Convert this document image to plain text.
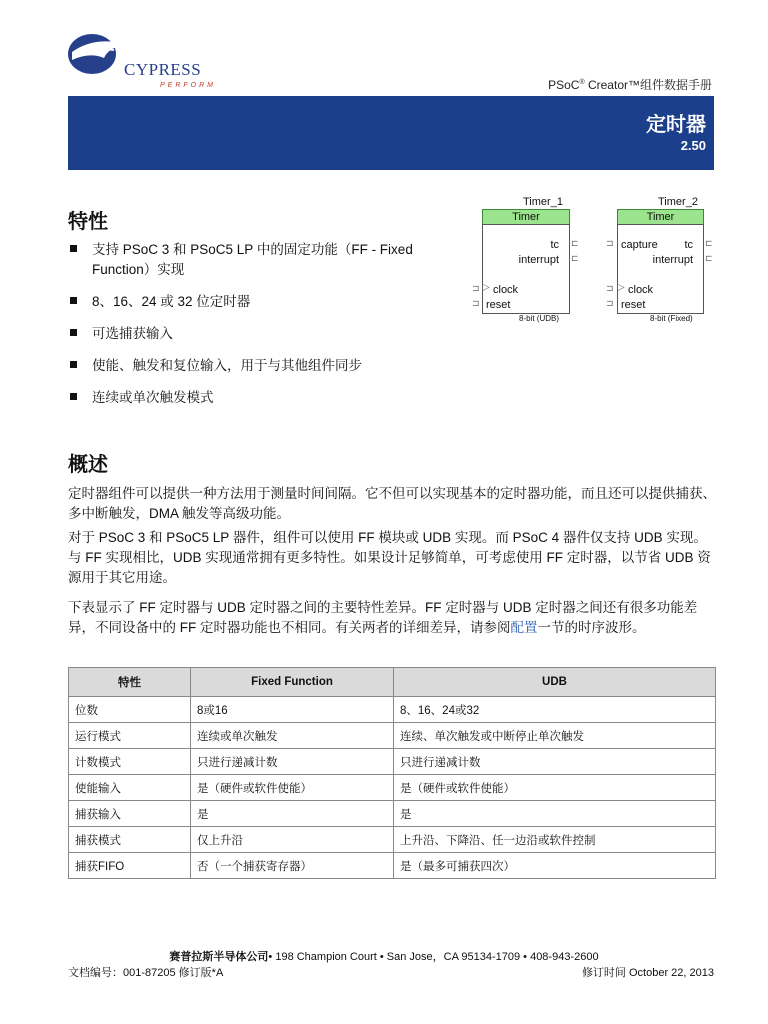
CYPRESS
PERFORM	PSoC® Creator™组件数据手册
定时器
2.50
特性
支持 PSoC 3 和 PSoC5 LP 中的固定功能（FF - Fixed Function）实现
8、16、24 或 32 位定时器
可选捕获输入
使能、触发和复位输入，用于与其他组件同步
连续或单次触发模式
Timer_1
Timer
tc
interrupt
clock
reset
⊏
⊏
⊐
⊐
▷
8-bit (UDB)
Timer_2
Timer
capture tc
interrupt
clock
reset
⊐	⊏
⊏
⊐
⊐
▷
8-bit (Fixed)
概述

定时器组件可以提供一种方法用于测量时间间隔。它不但可以实现基本的定时器功能，而且还可以提供捕获、多中断触发，DMA 触发等高级功能。

对于 PSoC 3 和 PSoC5 LP 器件，组件可以使用 FF 模块或 UDB 实现。而 PSoC 4 器件仅支持 UDB 实现。与 FF 实现相比，UDB 实现通常拥有更多特性。如果设计足够简单，可考虑使用 FF 定时器，以节省 UDB 资源用于其它用途。

下表显示了 FF 定时器与 UDB 定时器之间的主要特性差异。FF 定时器与 UDB 定时器之间还有很多功能差异，不同设备中的 FF 定时器功能也不相同。有关两者的详细差异，请参阅配置一节的时序波形。

特性	Fixed Function	UDB
位数	8或16	8、16、24或32
运行模式	连续或单次触发	连续、单次触发或中断停止单次触发
计数模式	只进行递减计数	只进行递减计数
使能输入	是（硬件或软件使能）	是（硬件或软件使能）
捕获输入	是	是
捕获模式	仅上升沿	上升沿、下降沿、任一边沿或软件控制
捕获FIFO	否（一个捕获寄存器）	是（最多可捕获四次）
赛普拉斯半导体公司• 198 Champion Court • San Jose，CA 95134-1709 • 408-943-2600
文档编号：001-87205 修订版*A	修订时间 October 22, 2013
